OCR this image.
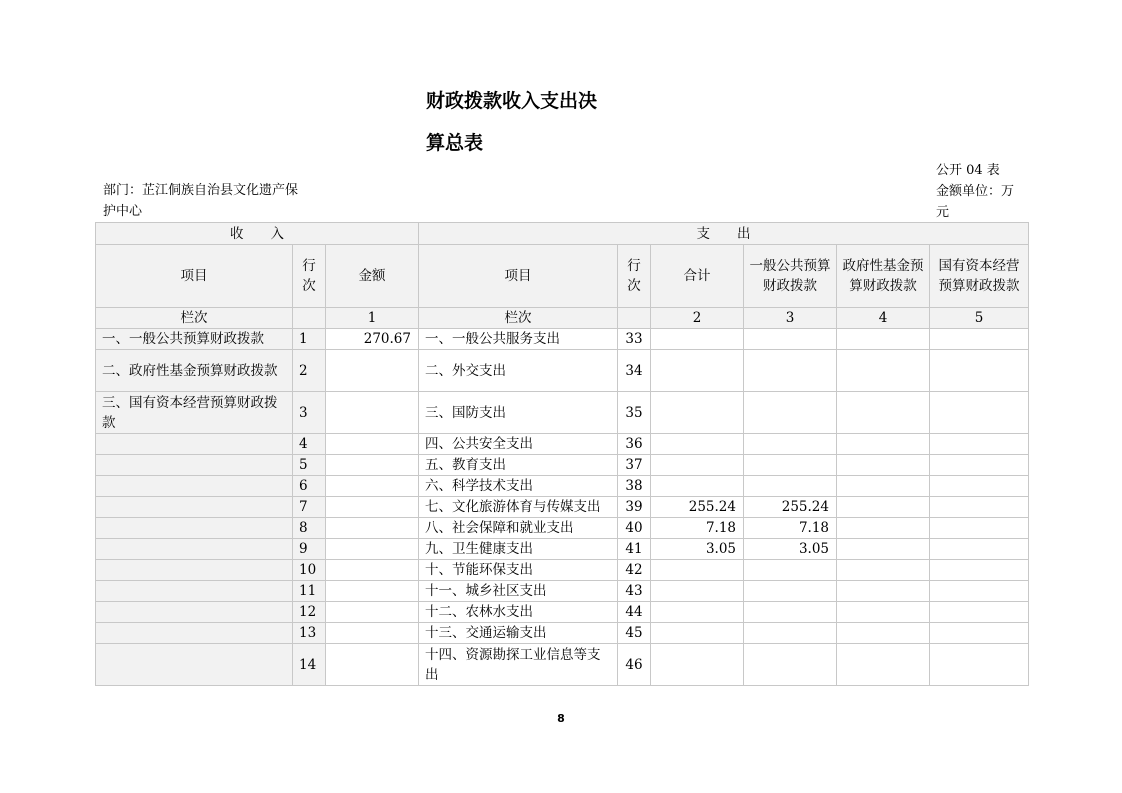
财政拨款收入支出决
算总表
部门：芷江侗族自治县文化遗产保护中心
公开 04 表
金额单位：万元
收　　入			支　　出					
项目	行次	金额	项目	行次	合计	一般公共预算财政拨款	政府性基金预算财政拨款	国有资本经营预算财政拨款
栏次		1	栏次		2	3	4	5
一、一般公共预算财政拨款	1	270.67	一、一般公共服务支出	33				
二、政府性基金预算财政拨款	2		二、外交支出	34				
三、国有资本经营预算财政拨款	3		三、国防支出	35				
	4		四、公共安全支出	36				
	5		五、教育支出	37				
	6		六、科学技术支出	38				
	7		七、文化旅游体育与传媒支出	39	255.24	255.24		
	8		八、社会保障和就业支出	40	7.18	7.18		
	9		九、卫生健康支出	41	3.05	3.05		
	10		十、节能环保支出	42				
	11		十一、城乡社区支出	43				
	12		十二、农林水支出	44				
	13		十三、交通运输支出	45				
	14		十四、资源勘探工业信息等支出	46				
8
